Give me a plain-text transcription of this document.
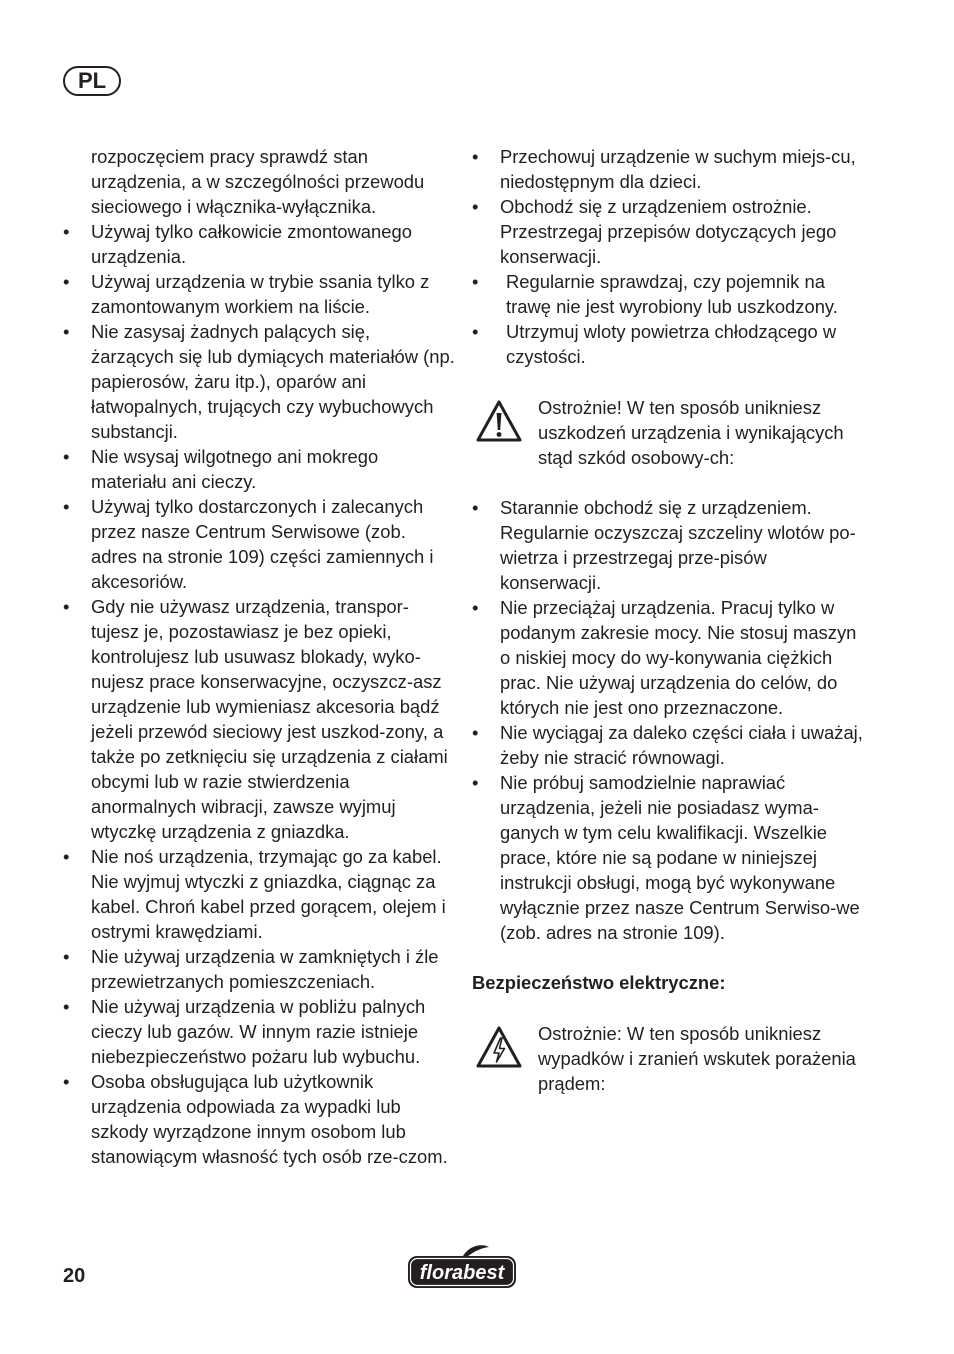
PL

rozpoczęciem pracy sprawdź stan urządzenia, a w szczególności przewodu sieciowego i włącznika-wyłącznika.

• Używaj tylko całkowicie zmontowanego urządzenia.
• Używaj urządzenia w trybie ssania tylko z zamontowanym workiem na liście.
• Nie zasysaj żadnych palących się, żarzących się lub dymiących materiałów (np. papierosów, żaru itp.), oparów ani łatwopalnych, trujących czy wybuchowych substancji.
• Nie wsysaj wilgotnego ani mokrego materiału ani cieczy.
• Używaj tylko dostarczonych i zalecanych przez nasze Centrum Serwisowe (zob. adres na stronie 109) części zamiennych i akcesoriów.
• Gdy nie używasz urządzenia, transpor-tujesz je, pozostawiasz je bez opieki, kontrolujesz lub usuwasz blokady, wyko-nujesz prace konserwacyjne, oczyszcz-asz urządzenie lub wymieniasz akcesoria bądź jeżeli przewód sieciowy jest uszkod-zony, a także po zetknięciu się urządzenia z ciałami obcymi lub w razie stwierdzenia anormalnych wibracji, zawsze wyjmuj wtyczkę urządzenia z gniazdka.
• Nie noś urządzenia, trzymając go za kabel. Nie wyjmuj wtyczki z gniazdka, ciągnąc za kabel. Chroń kabel przed gorącem, olejem i ostrymi krawędziami.
• Nie używaj urządzenia w zamkniętych i źle przewietrzanych pomieszczeniach.
• Nie używaj urządzenia w pobliżu palnych cieczy lub gazów. W innym razie istnieje niebezpieczeństwo pożaru lub wybuchu.
• Osoba obsługująca lub użytkownik urządzenia odpowiada za wypadki lub szkody wyrządzone innym osobom lub stanowiącym własność tych osób rze-czom.
• Przechowuj urządzenie w suchym miejs-cu, niedostępnym dla dzieci.
• Obchodź się z urządzeniem ostrożnie. Przestrzegaj przepisów dotyczących jego konserwacji.
• Regularnie sprawdzaj, czy pojemnik na trawę nie jest wyrobiony lub uszkodzony.
• Utrzymuj wloty powietrza chłodzącego w czystości.
Ostrożnie! W ten sposób unikniesz uszkodzeń urządzenia i wynikających stąd szkód osobowy-ch:
• Starannie obchodź się z urządzeniem. Regularnie oczyszczaj szczeliny wlotów po-wietrza i przestrzegaj prze-pisów konserwacji.
• Nie przeciążaj urządzenia. Pracuj tylko w podanym zakresie mocy. Nie stosuj maszyn o niskiej mocy do wy-konywania ciężkich prac. Nie używaj urządzenia do celów, do których nie jest ono przeznaczone.
• Nie wyciągaj za daleko części ciała i uważaj, żeby nie stracić równowagi.
• Nie próbuj samodzielnie naprawiać urządzenia, jeżeli nie posiadasz wyma-ganych w tym celu kwalifikacji. Wszelkie prace, które nie są podane w niniejszej instrukcji obsługi, mogą być wykonywane wyłącznie przez nasze Centrum Serwiso-we (zob. adres na stronie 109).
Bezpieczeństwo elektryczne:
Ostrożnie: W ten sposób unikniesz wypadków i zranień wskutek porażenia prądem:
20	florabest
